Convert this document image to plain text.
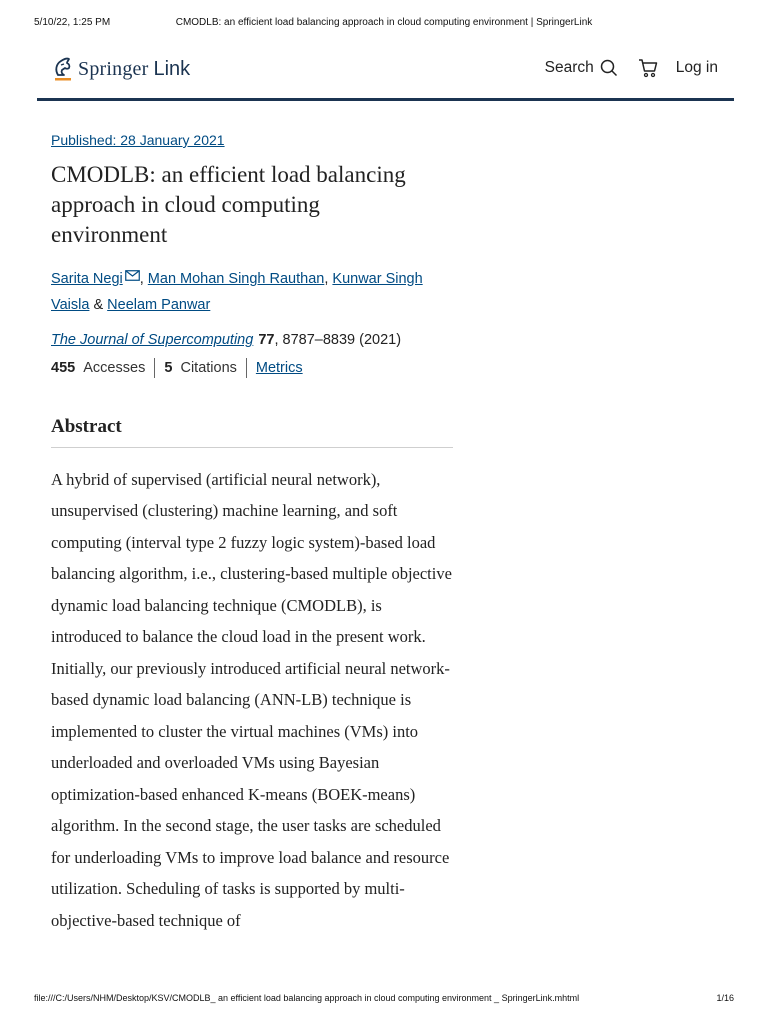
5/10/22, 1:25 PM	CMODLB: an efficient load balancing approach in cloud computing environment | SpringerLink
Springer Link	Search	Log in
Published: 28 January 2021
CMODLB: an efficient load balancing approach in cloud computing environment
Sarita Negi , Man Mohan Singh Rauthan, Kunwar Singh Vaisla & Neelam Panwar
The Journal of Supercomputing 77, 8787–8839 (2021)
455
Accesses 5
Citations Metrics
Abstract

A hybrid of supervised (artificial neural network), unsupervised (clustering) machine learning, and soft computing (interval type 2 fuzzy logic system)-based load balancing algorithm, i.e., clustering-based multiple objective dynamic load balancing technique (CMODLB), is introduced to balance the cloud load in the present work. Initially, our previously introduced artificial neural network-based dynamic load balancing (ANN-LB) technique is implemented to cluster the virtual machines (VMs) into underloaded and overloaded VMs using Bayesian optimization-based enhanced K-means (BOEK-means) algorithm. In the second stage, the user tasks are scheduled for underloading VMs to improve load balance and resource utilization. Scheduling of tasks is supported by multi-objective-based technique of

file:///C:/Users/NHM/Desktop/KSV/CMODLB_ an efficient load balancing approach in cloud computing environment _ SpringerLink.mhtml	1/16
